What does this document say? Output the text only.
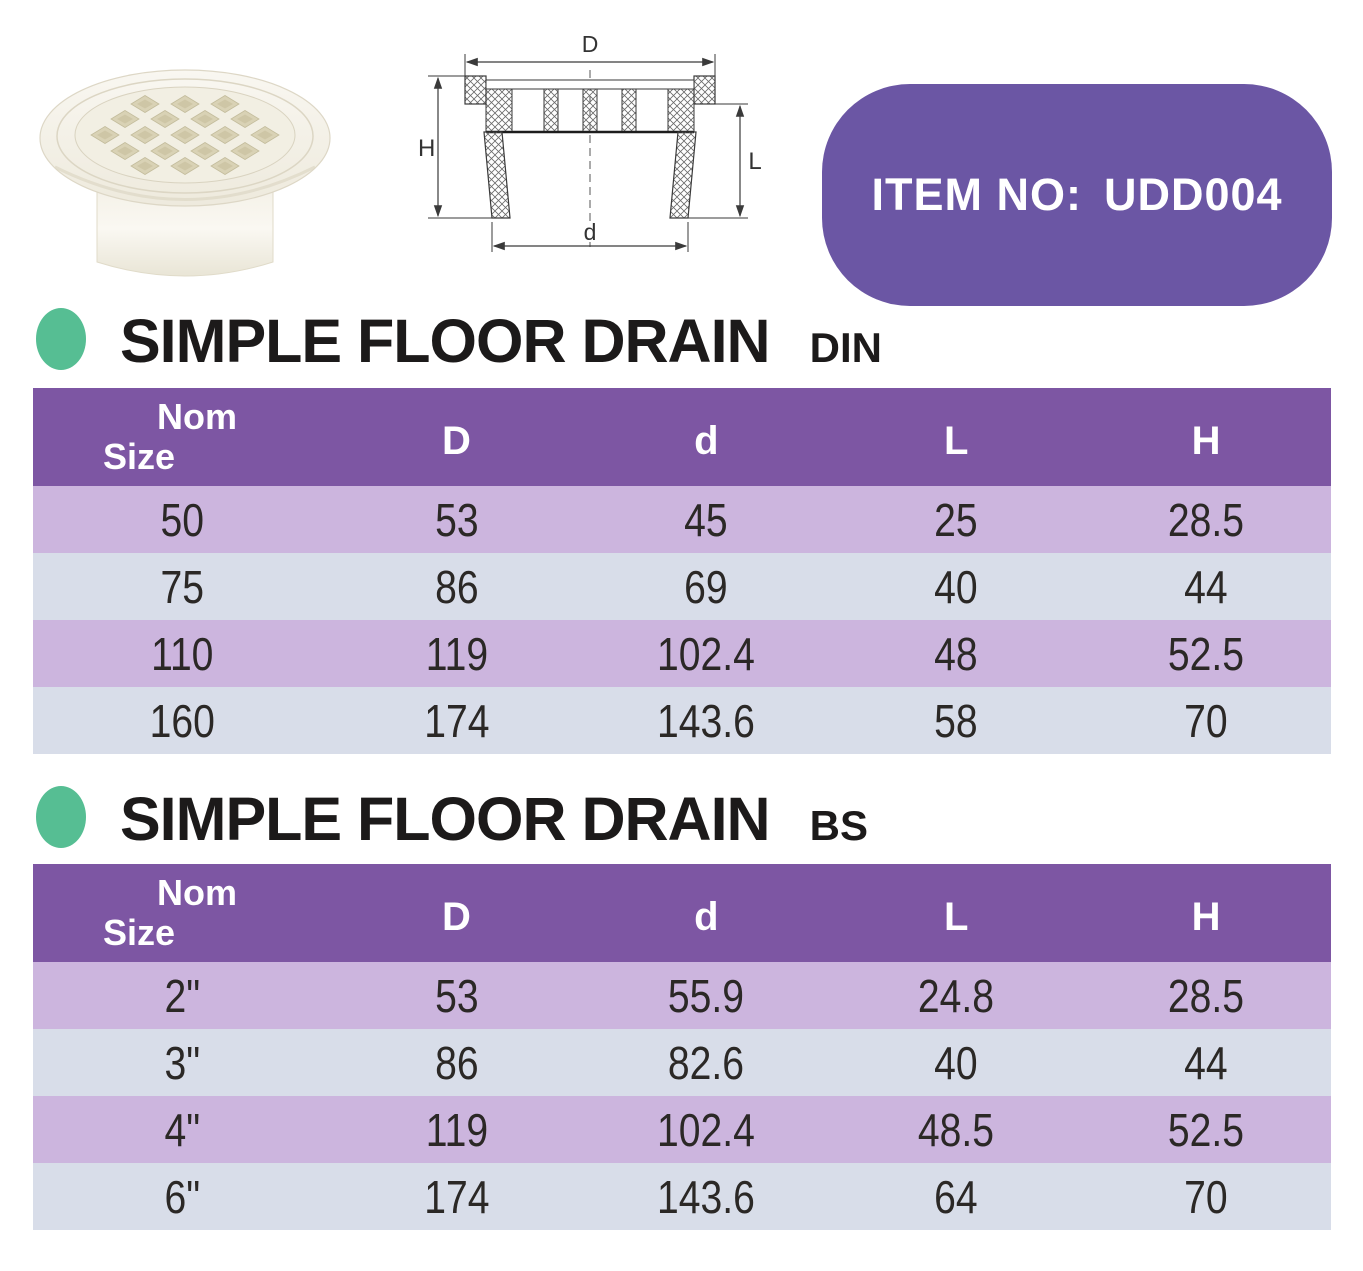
D
H	L
d
ITEM NO: UDD004
SIMPLE FLOOR DRAIN DIN
Nom
Size	D	d	L	H
50	53	45	25	28.5
75	86	69	40	44
110	119	102.4	48	52.5
160	174	143.6	58	70
SIMPLE FLOOR DRAIN BS
Nom
Size	D	d	L	H
2"	53	55.9	24.8	28.5
3"	86	82.6	40	44
4"	119	102.4	48.5	52.5
6"	174	143.6	64	70
